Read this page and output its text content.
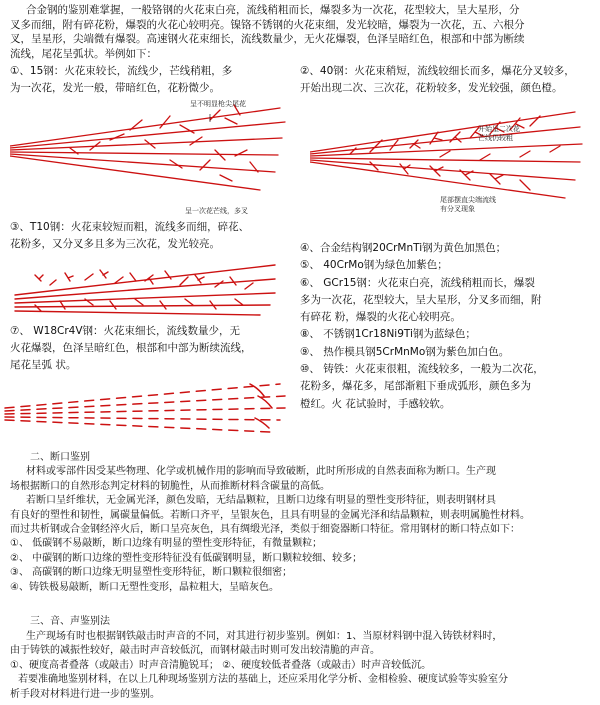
合金钢的鉴别难掌握，一般铬钢的火花束白亮，流线稍粗而长，爆裂多为一次花，花型较大，呈大星形，分
叉多而细，附有碎花粉，爆裂的火花心较明亮。镍铬不锈钢的火花束细，发光较暗，爆裂为一次花，五、六根分
叉，呈星形，尖端微有爆裂。高速钢火花束细长，流线数量少，无火花爆裂，色泽呈暗红色，根部和中部为断续
流线，尾花呈弧状。举例如下：
①、15钢：火花束较长，流线少，芒线稍粗，多
为一次花，发光一般，带暗红色，花粉微少。
②、40钢：火花束稍短，流线较细长而多，爆花分叉较多，
开始出现二次、三次花，花粉较多，发光较强，颜色橙。
呈不明显枪尖尾花
呈一次花芒线，多叉
开始呈二次花
芒线仍较粗
尾部摆直尖端流线
有分叉现象
③、T10钢：火花束较短而粗，流线多而细，碎花、
花粉多，又分叉多且多为三次花，发光较亮。
⑦、 W18Cr4V钢：火花束细长，流线数量少，无
火花爆裂，色泽呈暗红色，根部和中部为断续流线，
尾花呈弧 状。
④、合金结构钢20CrMnTi钢为黄色加黑色；
⑤、 40CrMo钢为绿色加紫色；
⑥、 GCr15钢：火花束白亮，流线稍粗而长，爆裂
多为一次花，花型较大，呈大星形，分叉多而细，附
有碎花 粉，爆裂的火花心较明亮。
⑧、 不锈钢1Cr18Ni9Ti钢为蓝绿色；
⑨、 热作模具钢5CrMnMo钢为紫色加白色。
⑩、 铸铁：火花束很粗，流线较多，一般为二次花，
花粉多，爆花多，尾部渐粗下垂成弧形，颜色多为
橙红。火 花试验时，手感较软。
二、断口鉴别
材料或零部件因受某些物理、化学或机械作用的影响而导致破断，此时所形成的自然表面称为断口。生产现
场根据断口的自然形态判定材料的韧脆性，从而推断材料含碳量的高低。
若断口呈纤维状，无金属光泽，颜色发暗，无结晶颗粒，且断口边缘有明显的塑性变形特征，则表明钢材具
有良好的塑性和韧性，属碳量偏低。若断口齐平，呈银灰色，且具有明显的金属光泽和结晶颗粒，则表明属脆性材料。
而过共析钢或合金钢经淬火后，断口呈亮灰色，具有绸缎光泽，类似于细瓷器断口特征。常用钢材的断口特点如下：
①、 低碳钢不易敲断，断口边缘有明显的塑性变形特征，有微量颗粒；
②、 中碳钢的断口边缘的塑性变形特征没有低碳钢明显，断口颗粒较细、较多；
③、 高碳钢的断口边缘无明显塑性变形特征，断口颗粒很细密；
④、铸铁极易敲断，断口无塑性变形，晶粒粗大，呈暗灰色。
三、音、声鉴别法
生产现场有时也根据钢铁敲击时声音的不同，对其进行初步鉴别。例如：1、当原材料钢中混入铸铁材料时，
由于铸铁的减振性较好，敲击时声音较低沉，而钢材敲击时则可发出较清脆的声音。
①、硬度高者叠落（或敲击）时声音清脆锐耳； ②、硬度较低者叠落（或敲击）时声音较低沉。
若要准确地鉴别材料，在以上几种现场鉴别方法的基础上，还应采用化学分析、金相检验、硬度试验等实验室分
析手段对材料进行进一步的鉴别。
